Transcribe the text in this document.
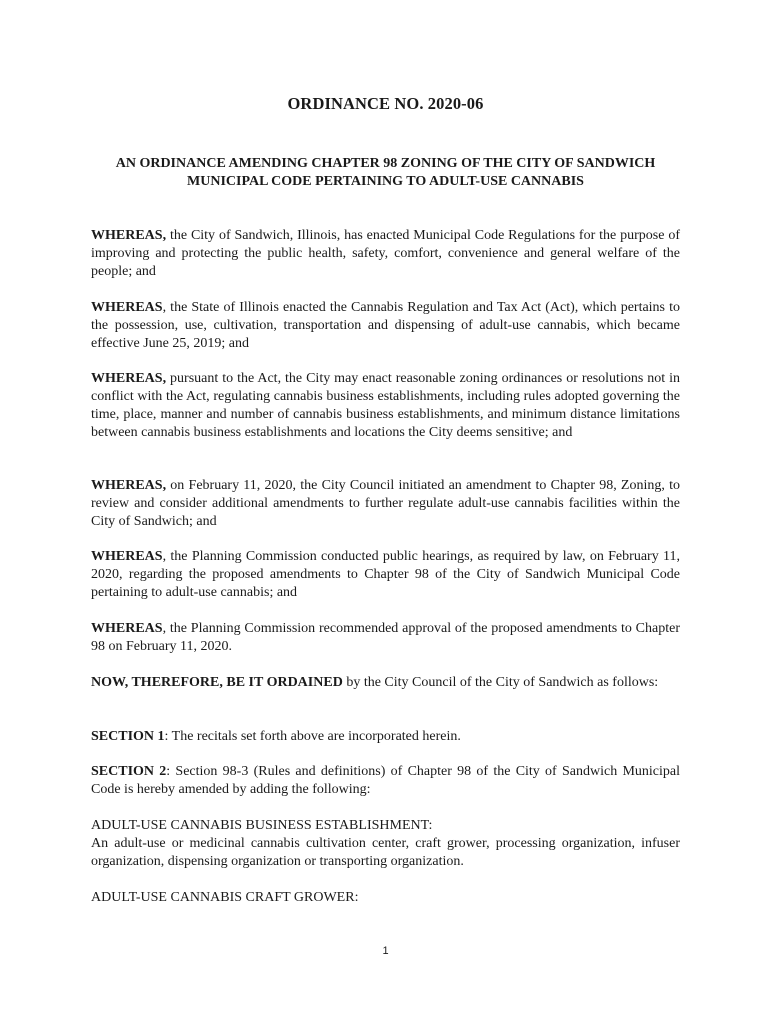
ORDINANCE NO. 2020-06
AN ORDINANCE AMENDING CHAPTER 98 ZONING OF THE CITY OF SANDWICH
MUNICIPAL CODE PERTAINING TO ADULT-USE CANNABIS

WHEREAS, the City of Sandwich, Illinois, has enacted Municipal Code Regulations for the purpose of improving and protecting the public health, safety, comfort, convenience and general welfare of the people; and

WHEREAS, the State of Illinois enacted the Cannabis Regulation and Tax Act (Act), which pertains to the possession, use, cultivation, transportation and dispensing of adult-use cannabis, which became effective June 25, 2019; and

WHEREAS, pursuant to the Act, the City may enact reasonable zoning ordinances or resolutions not in conflict with the Act, regulating cannabis business establishments, including rules adopted governing the time, place, manner and number of cannabis business establishments, and minimum distance limitations between cannabis business establishments and locations the City deems sensitive; and

WHEREAS, on February 11, 2020, the City Council initiated an amendment to Chapter 98, Zoning, to review and consider additional amendments to further regulate adult-use cannabis facilities within the City of Sandwich; and

WHEREAS, the Planning Commission conducted public hearings, as required by law, on February 11, 2020, regarding the proposed amendments to Chapter 98 of the City of Sandwich Municipal Code pertaining to adult-use cannabis; and

WHEREAS, the Planning Commission recommended approval of the proposed amendments to Chapter 98 on February 11, 2020.

NOW, THEREFORE, BE IT ORDAINED by the City Council of the City of Sandwich as follows:

SECTION 1: The recitals set forth above are incorporated herein.

SECTION 2: Section 98-3 (Rules and definitions) of Chapter 98 of the City of Sandwich Municipal Code is hereby amended by adding the following:

ADULT-USE CANNABIS BUSINESS ESTABLISHMENT:
An adult-use or medicinal cannabis cultivation center, craft grower, processing organization, infuser organization, dispensing organization or transporting organization.

ADULT-USE CANNABIS CRAFT GROWER:

1
